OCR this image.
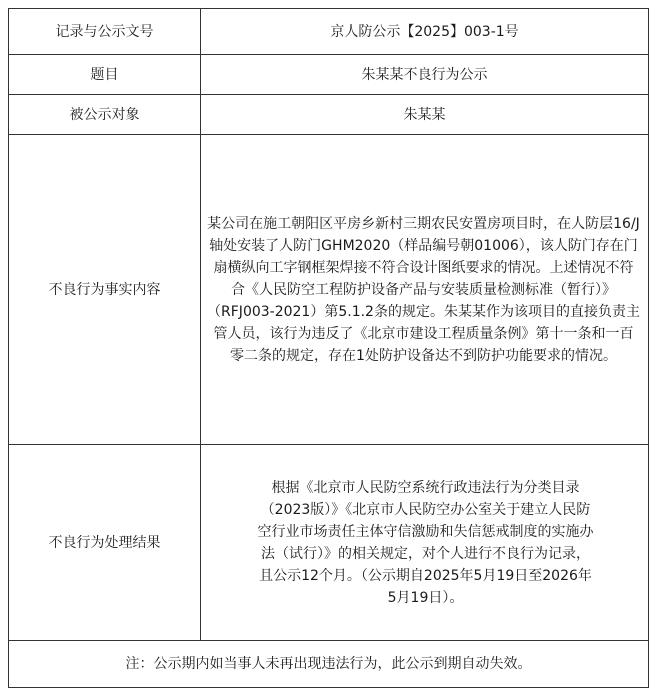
记录与公示文号	京人防公示【2025】003-1号
题目	朱某某不良行为公示
被公示对象	朱某某
不良行为事实内容	某公司在施工朝阳区平房乡新村三期农民安置房项目时，在人防层16/J轴处安装了人防门GHM2020（样品编号朝01006），该人防门存在门扇横纵向工字钢框架焊接不符合设计图纸要求的情况。上述情况不符合《人民防空工程防护设备产品与安装质量检测标准（暂行）》（RFJ003-2021）第5.1.2条的规定。朱某某作为该项目的直接负责主管人员，该行为违反了《北京市建设工程质量条例》第十一条和一百零二条的规定，存在1处防护设备达不到防护功能要求的情况。

不良行为处理结果	根据《北京市人民防空系统行政违法行为分类目录（2023版）》《北京市人民防空办公室关于建立人民防空行业市场责任主体守信激励和失信惩戒制度的实施办法（试行）》的相关规定，对个人进行不良行为记录，且公示12个月。（公示期自2025年5月19日至2026年5月19日）。

注：公示期内如当事人未再出现违法行为，此公示到期自动失效。	
